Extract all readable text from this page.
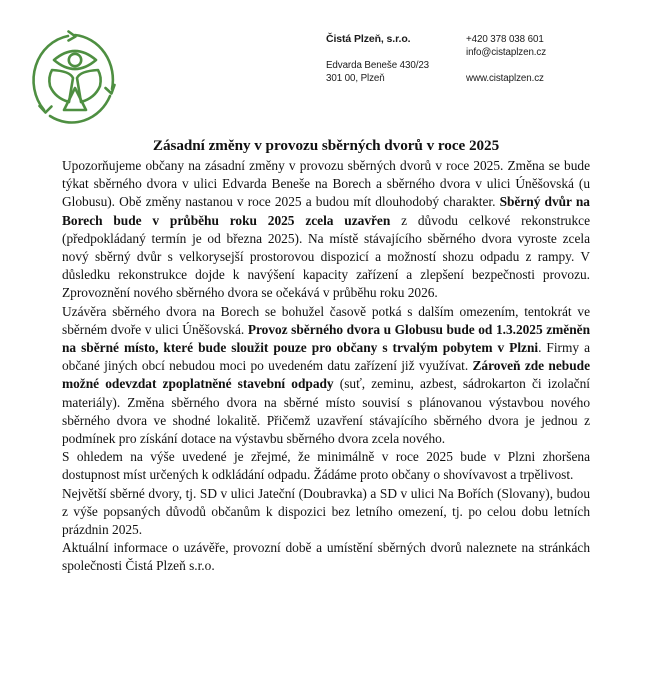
Čistá Plzeň, s.r.o.
Edvarda Beneše 430/23
301 00, Plzeň
+420 378 038 601
info@cistaplzen.cz
www.cistaplzen.cz
Zásadní změny v provozu sběrných dvorů v roce 2025

Upozorňujeme občany na zásadní změny v provozu sběrných dvorů v roce 2025. Změna se bude týkat sběrného dvora v ulici Edvarda Beneše na Borech a sběrného dvora v ulici Úněšovská (u Globusu). Obě změny nastanou v roce 2025 a budou mít dlouhodobý charakter. Sběrný dvůr na Borech bude v průběhu roku 2025 zcela uzavřen z důvodu celkové rekonstrukce (předpokládaný termín je od března 2025). Na místě stávajícího sběrného dvora vyroste zcela nový sběrný dvůr s velkorysejší prostorovou dispozicí a možností shozu odpadu z rampy. V důsledku rekonstrukce dojde k navýšení kapacity zařízení a zlepšení bezpečnosti provozu. Zprovoznění nového sběrného dvora se očekává v průběhu roku 2026.

Uzávěra sběrného dvora na Borech se bohužel časově potká s dalším omezením, tentokrát ve sběrném dvoře v ulici Úněšovská. Provoz sběrného dvora u Globusu bude od 1.3.2025 změněn na sběrné místo, které bude sloužit pouze pro občany s trvalým pobytem v Plzni. Firmy a občané jiných obcí nebudou moci po uvedeném datu zařízení již využívat. Zároveň zde nebude možné odevzdat zpoplatněné stavební odpady (suť, zeminu, azbest, sádrokarton či izolační materiály). Změna sběrného dvora na sběrné místo souvisí s plánovanou výstavbou nového sběrného dvora ve shodné lokalitě. Přičemž uzavření stávajícího sběrného dvora je jednou z podmínek pro získání dotace na výstavbu sběrného dvora zcela nového.

S ohledem na výše uvedené je zřejmé, že minimálně v roce 2025 bude v Plzni zhoršena dostupnost míst určených k odkládání odpadu. Žádáme proto občany o shovívavost a trpělivost.

Největší sběrné dvory, tj. SD v ulici Jateční (Doubravka) a SD v ulici Na Bořích (Slovany), budou z výše popsaných důvodů občanům k dispozici bez letního omezení, tj. po celou dobu letních prázdnin 2025.

Aktuální informace o uzávěře, provozní době a umístění sběrných dvorů naleznete na stránkách společnosti Čistá Plzeň s.r.o.
